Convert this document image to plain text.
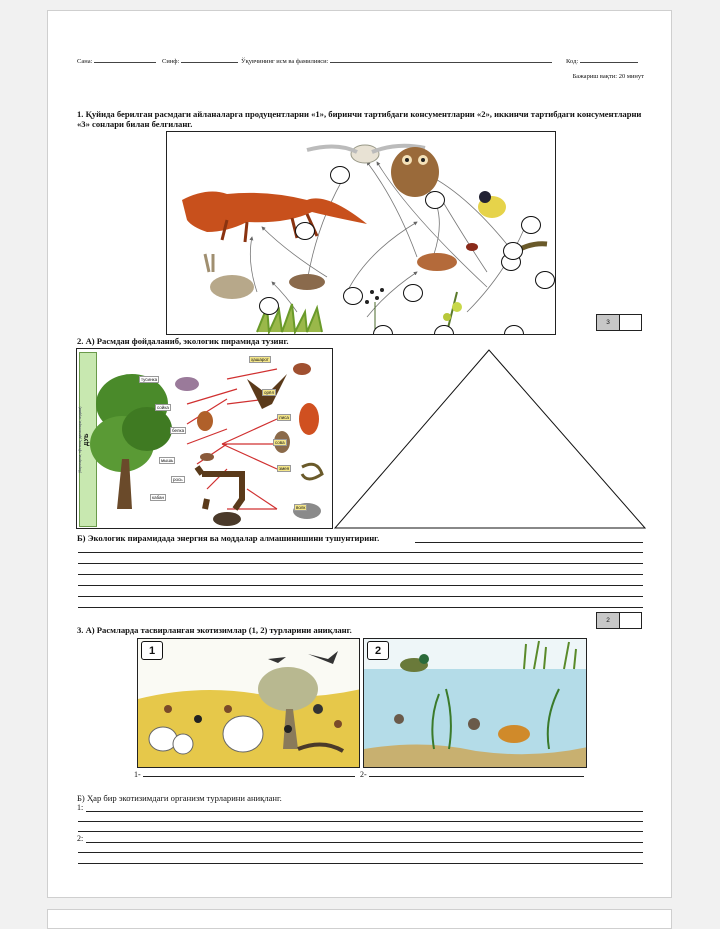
Сана:	Синф:	Ўқувчининг исм ва фамилияси:	Код:
Бажариш вақти: 20 минут
1. Қуйида берилган расмдаги айланаларга продуцентларни «1», биринчи тартибдаги консументларни «2», иккинчи тартибдаги консументларни «3» сонлари билан белгиланг.
3
2. А) Расмдан фойдаланиб, экологик пирамида тузинг.
ДУБ
(баргларни, пўстлоқ, данаклари, илдизи)
ҳашарот
тусинка
сойка
белка
мышь
рось
кабан
орёл
лиса
сова
змея
волк
Б) Экологик пирамидада энергия ва моддалар алмашинишини тушунтиринг.
2
3. А) Расмларда тасвирланган экотизимлар (1, 2) турларини аниқланг.
1	2
1-	2-
Б) Ҳар бир экотизимдаги организм турларини аниқланг.
1:
2:
